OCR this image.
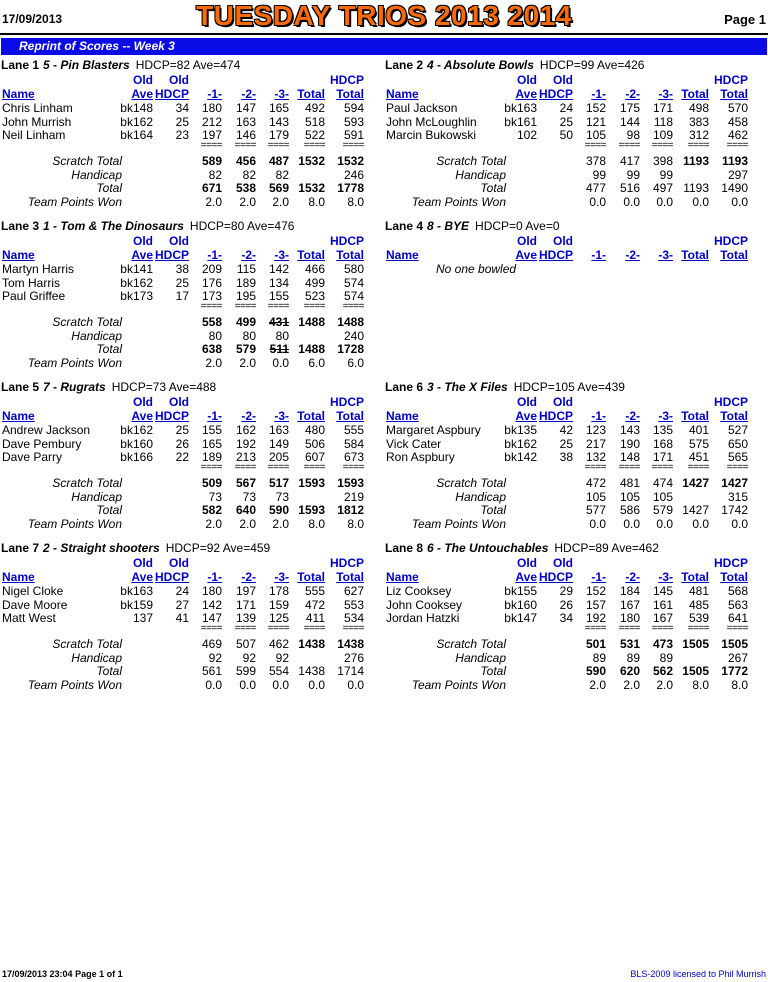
17/09/2013	TUESDAY TRIOS 2013 2014	Page 1
Reprint of Scores -- Week 3
Lane 1 5 - Pin Blasters HDCP=82 Ave=474
Old Old	HDCP
Name	Ave HDCP -1- -2- -3- Total Total
Chris Linham	bk148 34 180 147 165 492 594
John Murrish	bk162 25 212 163 143 518 593
Neil Linham	bk164 23 197 146 179 522 591
==== ==== ==== ==== ====
Scratch Total	589 456 487 1532 1532
Handicap	82 82 82	246
Total	671 538 569 1532 1778
Team Points Won	2.0 2.0 2.0 8.0 8.0
Lane 2 4 - Absolute Bowls HDCP=99 Ave=426
Old Old	HDCP
Name	Ave HDCP -1- -2- -3- Total Total
Paul Jackson	bk163 24 152 175 171 498 570
John McLoughlin bk161 25 121 144 118 383 458
Marcin Bukowski	102 50 105 98 109 312 462
==== ==== ==== ==== ====
Scratch Total	378 417 398 1193 1193
Handicap	99 99 99	297
Total	477 516 497 1193 1490
Team Points Won	0.0 0.0 0.0 0.0 0.0
Lane 3 1 - Tom & The Dinosaurs HDCP=80 Ave=476
Old Old	HDCP
Name	Ave HDCP -1- -2- -3- Total Total
Martyn Harris	bk141 38 209 115 142 466 580
Tom Harris	bk162 25 176 189 134 499 574
Paul Griffee	bk173 17 173 195 155 523 574
==== ==== ==== ==== ====
Scratch Total	558 499 431 1488 1488
Handicap	80 80 80	240
Total	638 579 511 1488 1728
Team Points Won	2.0 2.0 0.0 6.0 6.0
Lane 4 8 - BYE HDCP=0 Ave=0
Old Old	HDCP
Name	Ave HDCP -1- -2- -3- Total Total
No one bowled
Lane 5 7 - Rugrats HDCP=73 Ave=488
Old Old	HDCP
Name	Ave HDCP -1- -2- -3- Total Total
Andrew Jackson	bk162 25 155 162 163 480 555
Dave Pembury	bk160 26 165 192 149 506 584
Dave Parry	bk166 22 189 213 205 607 673
==== ==== ==== ==== ====
Scratch Total	509 567 517 1593 1593
Handicap	73 73 73	219
Total	582 640 590 1593 1812
Team Points Won	2.0 2.0 2.0 8.0 8.0
Lane 6 3 - The X Files HDCP=105 Ave=439
Old Old	HDCP
Name	Ave HDCP -1- -2- -3- Total Total
Margaret Aspbury bk135 42 123 143 135 401 527
Vick Cater	bk162 25 217 190 168 575 650
Ron Aspbury	bk142 38 132 148 171 451 565
==== ==== ==== ==== ====
Scratch Total	472 481 474 1427 1427
Handicap	105 105 105	315
Total	577 586 579 1427 1742
Team Points Won	0.0 0.0 0.0 0.0 0.0
Lane 7 2 - Straight shooters HDCP=92 Ave=459
Old Old	HDCP
Name	Ave HDCP -1- -2- -3- Total Total
Nigel Cloke	bk163 24 180 197 178 555 627
Dave Moore	bk159 27 142 171 159 472 553
Matt West	137 41 147 139 125 411 534
==== ==== ==== ==== ====
Scratch Total	469 507 462 1438 1438
Handicap	92 92 92	276
Total	561 599 554 1438 1714
Team Points Won	0.0 0.0 0.0 0.0 0.0
Lane 8 6 - The Untouchables HDCP=89 Ave=462
Old Old	HDCP
Name	Ave HDCP -1- -2- -3- Total Total
Liz Cooksey	bk155 29 152 184 145 481 568
John Cooksey	bk160 26 157 167 161 485 563
Jordan Hatzki	bk147 34 192 180 167 539 641
==== ==== ==== ==== ====
Scratch Total	501 531 473 1505 1505
Handicap	89 89 89	267
Total	590 620 562 1505 1772
Team Points Won	2.0 2.0 2.0 8.0 8.0
17/09/2013 23:04 Page 1 of 1	BLS-2009 licensed to Phil Murrish
